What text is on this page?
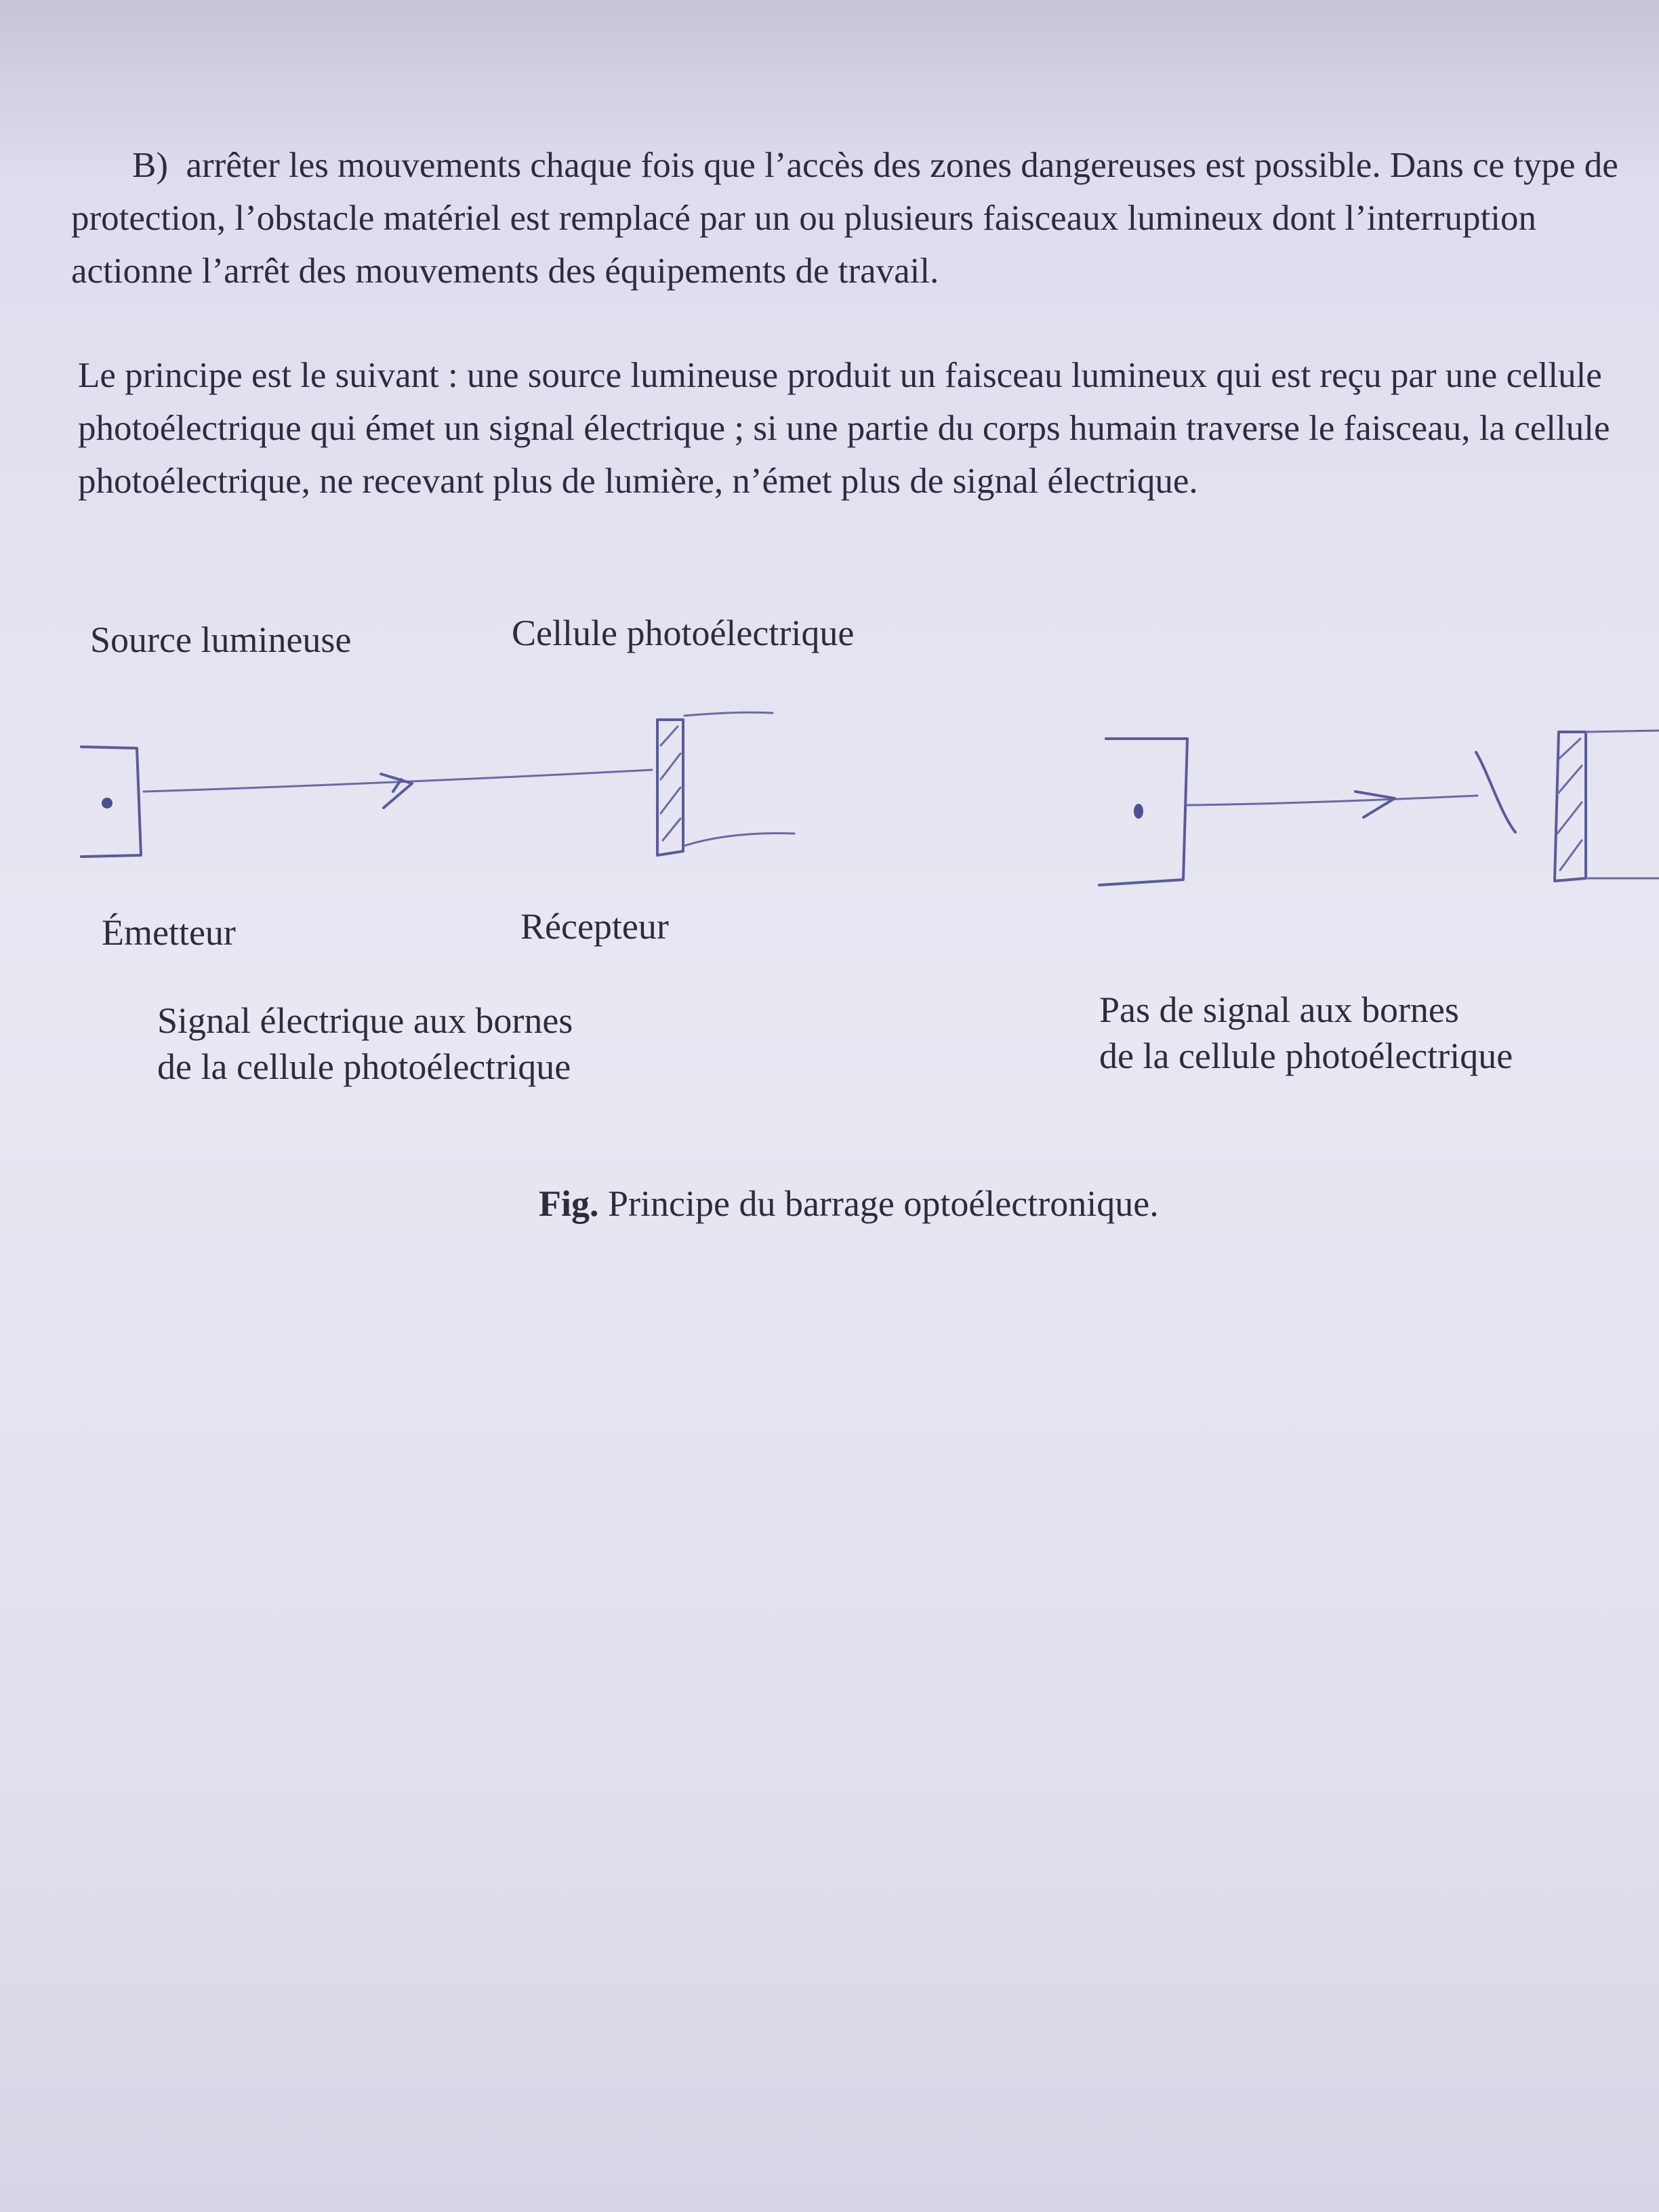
B) arrêter les mouvements chaque fois que l’accès des zones dangereuses est possible. Dans ce type de protection, l’obstacle matériel est remplacé par un ou plusieurs faisceaux lumineux dont l’interruption actionne l’arrêt des mouvements des équipements de travail.

Le principe est le suivant : une source lumineuse produit un faisceau lumineux qui est reçu par une cellule photoélectrique qui émet un signal électrique ; si une partie du corps humain traverse le faisceau, la cellule photoélectrique, ne recevant plus de lumière, n’émet plus de signal électrique.

Source lumineuse	Cellule photoélectrique
Émetteur	Récepteur
Signal électrique aux bornes
de la cellule photoélectrique
Pas de signal aux bornes
de la cellule photoélectrique
Fig. Principe du barrage optoélectronique.
